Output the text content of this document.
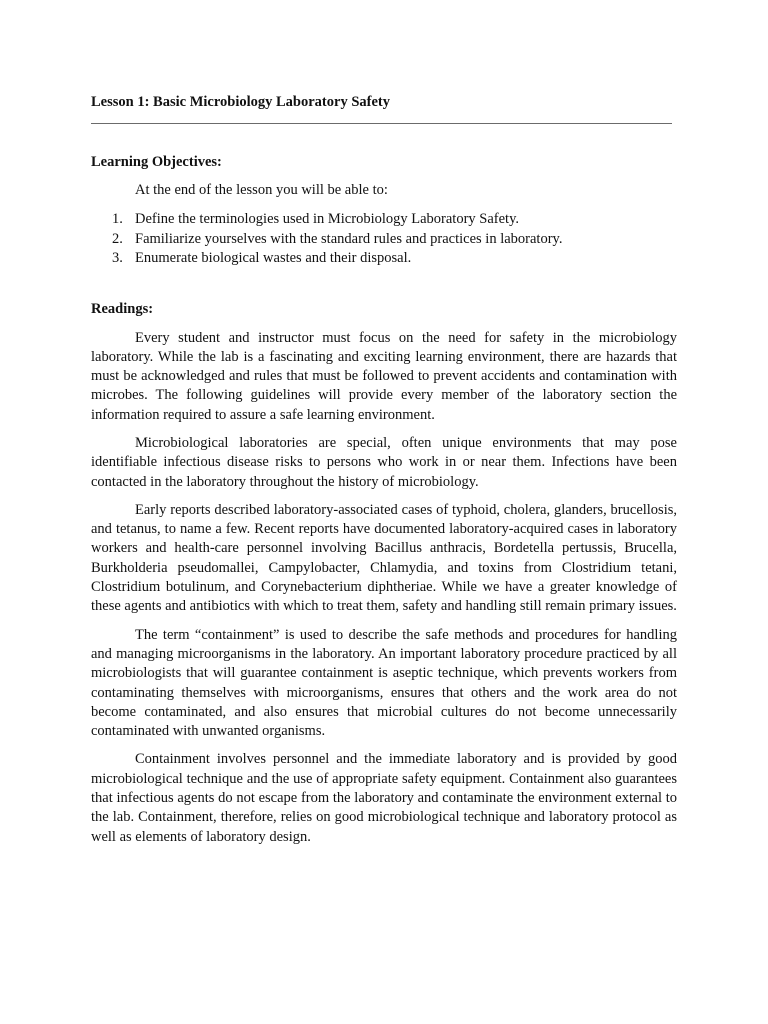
Lesson 1: Basic Microbiology Laboratory Safety
Learning Objectives:

At the end of the lesson you will be able to:

1. Define the terminologies used in Microbiology Laboratory Safety.
2. Familiarize yourselves with the standard rules and practices in laboratory.
3. Enumerate biological wastes and their disposal.
Readings:

Every student and instructor must focus on the need for safety in the microbiology laboratory. While the lab is a fascinating and exciting learning environment, there are hazards that must be acknowledged and rules that must be followed to prevent accidents and contamination with microbes. The following guidelines will provide every member of the laboratory section the information required to assure a safe learning environment.

Microbiological laboratories are special, often unique environments that may pose identifiable infectious disease risks to persons who work in or near them. Infections have been contacted in the laboratory throughout the history of microbiology.

Early reports described laboratory-associated cases of typhoid, cholera, glanders, brucellosis, and tetanus, to name a few. Recent reports have documented laboratory-acquired cases in laboratory workers and health-care personnel involving Bacillus anthracis, Bordetella pertussis, Brucella, Burkholderia pseudomallei, Campylobacter, Chlamydia, and toxins from Clostridium tetani, Clostridium botulinum, and Corynebacterium diphtheriae. While we have a greater knowledge of these agents and antibiotics with which to treat them, safety and handling still remain primary issues.

The term “containment” is used to describe the safe methods and procedures for handling and managing microorganisms in the laboratory. An important laboratory procedure practiced by all microbiologists that will guarantee containment is aseptic technique, which prevents workers from contaminating themselves with microorganisms, ensures that others and the work area do not become contaminated, and also ensures that microbial cultures do not become unnecessarily contaminated with unwanted organisms.

Containment involves personnel and the immediate laboratory and is provided by good microbiological technique and the use of appropriate safety equipment. Containment also guarantees that infectious agents do not escape from the laboratory and contaminate the environment external to the lab. Containment, therefore, relies on good microbiological technique and laboratory protocol as well as elements of laboratory design.
